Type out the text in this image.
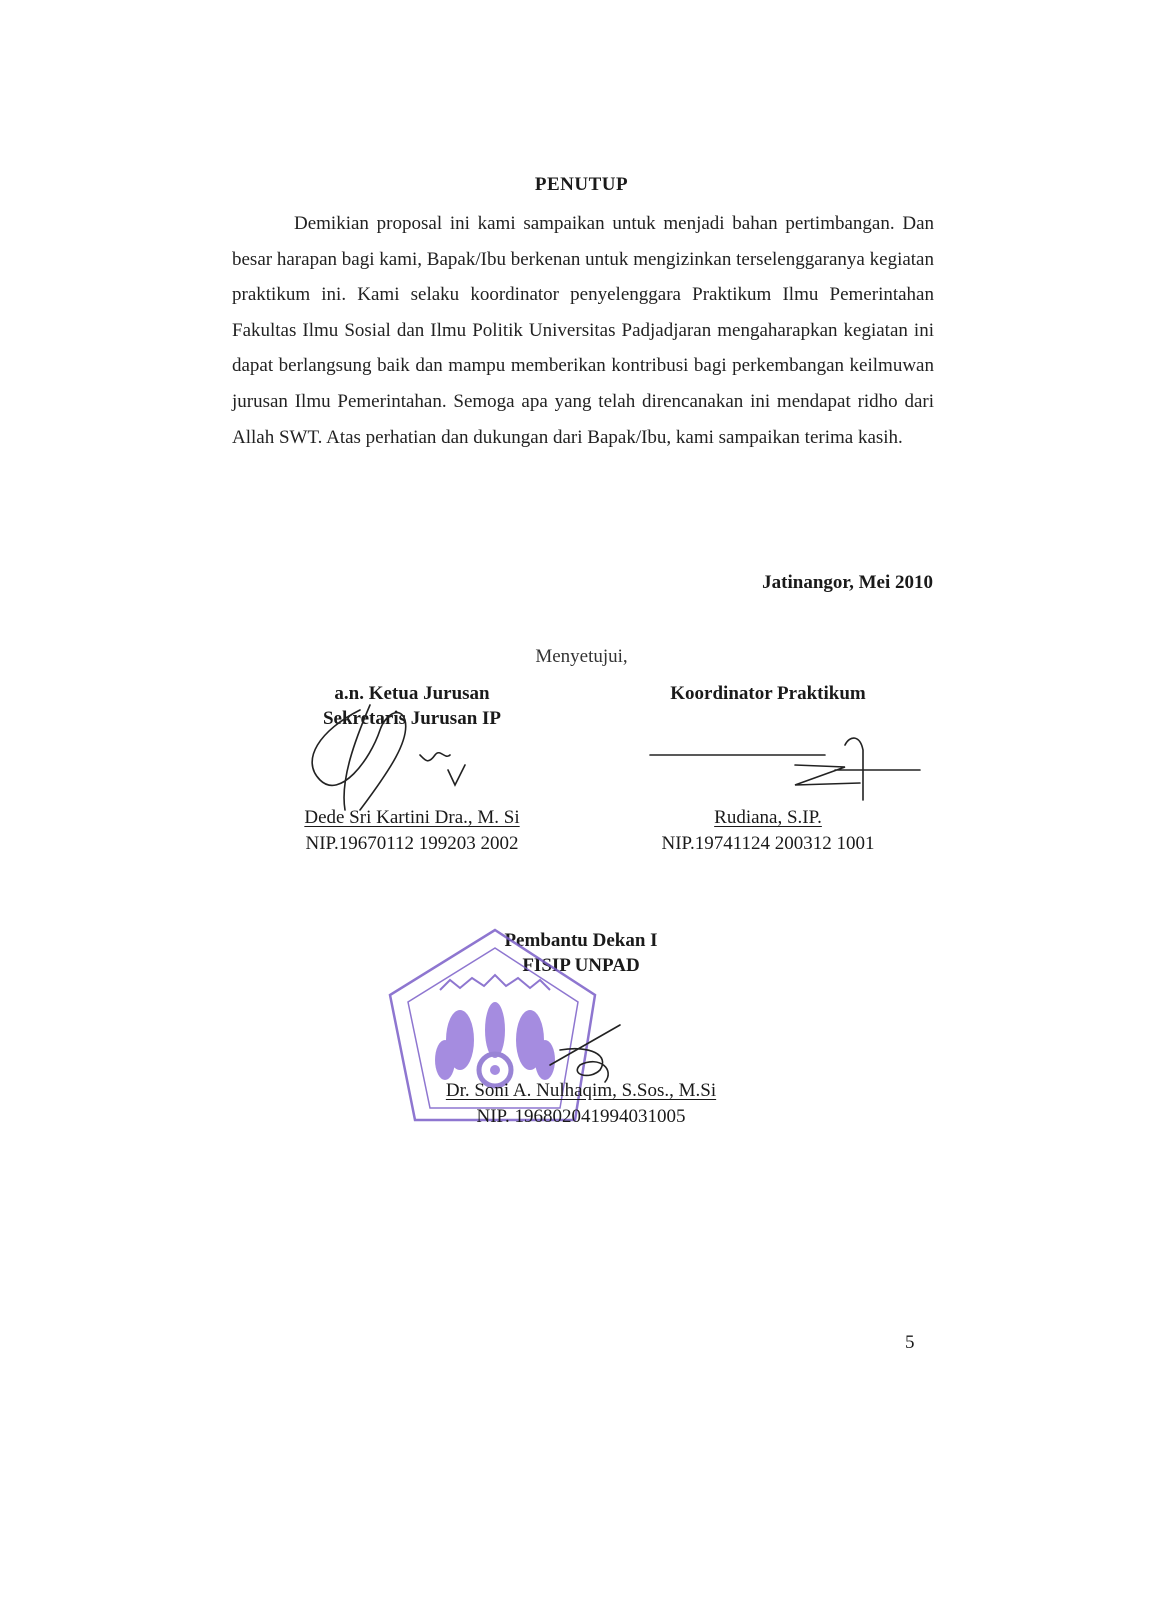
PENUTUP
Demikian proposal ini kami sampaikan untuk menjadi bahan pertimbangan. Dan besar harapan bagi kami, Bapak/Ibu berkenan untuk mengizinkan terselenggaranya kegiatan praktikum ini. Kami selaku koordinator penyelenggara Praktikum Ilmu Pemerintahan Fakultas Ilmu Sosial dan Ilmu Politik Universitas Padjadjaran mengaharapkan kegiatan ini dapat berlangsung baik dan mampu memberikan kontribusi bagi perkembangan keilmuwan jurusan Ilmu Pemerintahan. Semoga apa yang telah direncanakan ini mendapat ridho dari Allah SWT. Atas perhatian dan dukungan dari Bapak/Ibu, kami sampaikan terima kasih.
Jatinangor, Mei 2010
Menyetujui,
a.n. Ketua Jurusan
Sekretaris Jurusan IP
Dede Sri Kartini Dra., M. Si
NIP.19670112 199203 2002
Koordinator Praktikum
Rudiana, S.IP.
NIP.19741124 200312 1001
Pembantu Dekan I
FISIP UNPAD
Dr. Soni A. Nulhaqim, S.Sos., M.Si
NIP. 196802041994031005
5
